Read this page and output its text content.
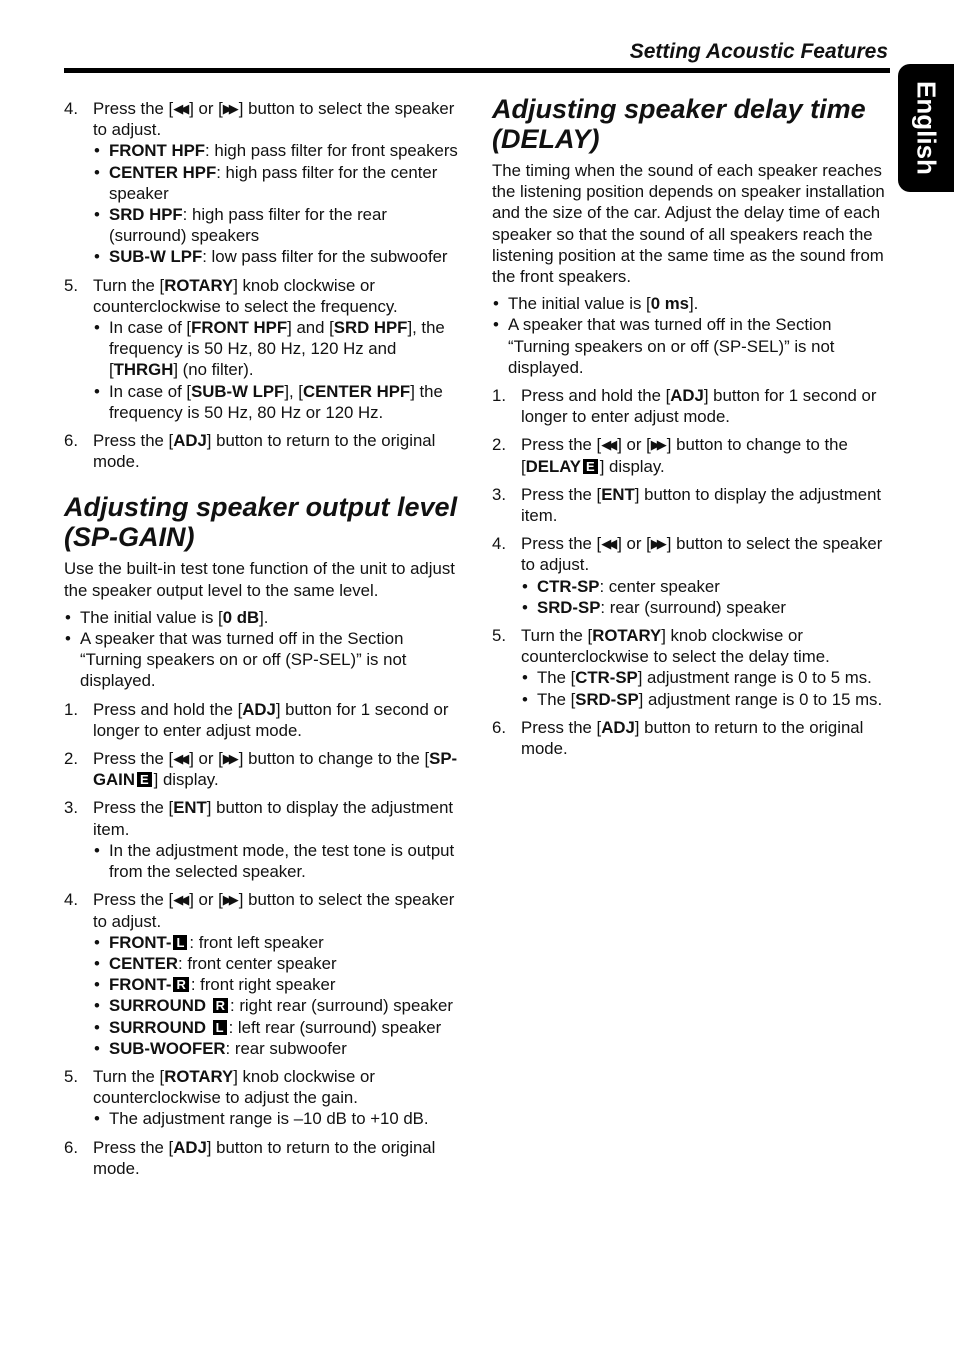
Setting Acoustic Features
English
4. Press the [◀◀ ] or [▶▶ ] button to select the speaker to adjust.
• FRONT HPF: high pass filter for front speakers
• CENTER HPF: high pass filter for the center speaker
• SRD HPF: high pass filter for the rear (surround) speakers
• SUB-W LPF: low pass filter for the subwoofer
5. Turn the [ROTARY] knob clockwise or counterclockwise to select the frequency.
• In case of [FRONT HPF] and [SRD HPF], the frequency is 50 Hz, 80 Hz, 120 Hz and [THRGH] (no filter).
• In case of [SUB-W LPF], [CENTER HPF] the frequency is 50 Hz, 80 Hz or 120 Hz.
6. Press the [ADJ] button to return to the original mode.
Adjusting speaker output level (SP-GAIN)

Use the built-in test tone function of the unit to adjust the speaker output level to the same level.

• The initial value is [0 dB].
• A speaker that was turned off in the Section “Turning speakers on or off (SP-SEL)” is not displayed.
1. Press and hold the [ADJ] button for 1 second or longer to enter adjust mode.
2. Press the [◀◀ ] or [▶▶ ] button to change to the [SP-GAIN E ] display.
3. Press the [ENT] button to display the adjustment item.
• In the adjustment mode, the test tone is output from the selected speaker.
4. Press the [◀◀ ] or [▶▶ ] button to select the speaker to adjust.
• FRONT- L : front left speaker
• CENTER: front center speaker
• FRONT- R : front right speaker
• SURROUND R : right rear (surround) speaker
• SURROUND L : left rear (surround) speaker
• SUB-WOOFER: rear subwoofer
5. Turn the [ROTARY] knob clockwise or counterclockwise to adjust the gain.
• The adjustment range is –10 dB to +10 dB.
6. Press the [ADJ] button to return to the original mode.
Adjusting speaker delay time (DELAY)

The timing when the sound of each speaker reaches the listening position depends on speaker installation and the size of the car. Adjust the delay time of each speaker so that the sound of all speakers reach the listening position at the same time as the sound from the front speakers.

• The initial value is [0 ms].
• A speaker that was turned off in the Section “Turning speakers on or off (SP-SEL)” is not displayed.
1. Press and hold the [ADJ] button for 1 second or longer to enter adjust mode.
2. Press the [◀◀ ] or [▶▶ ] button to change to the [DELAY E ] display.
3. Press the [ENT] button to display the adjustment item.
4. Press the [◀◀ ] or [▶▶ ] button to select the speaker to adjust.
• CTR-SP: center speaker
• SRD-SP: rear (surround) speaker
5. Turn the [ROTARY] knob clockwise or counterclockwise to select the delay time.
• The [CTR-SP] adjustment range is 0 to 5 ms.
• The [SRD-SP] adjustment range is 0 to 15 ms.
6. Press the [ADJ] button to return to the original mode.
